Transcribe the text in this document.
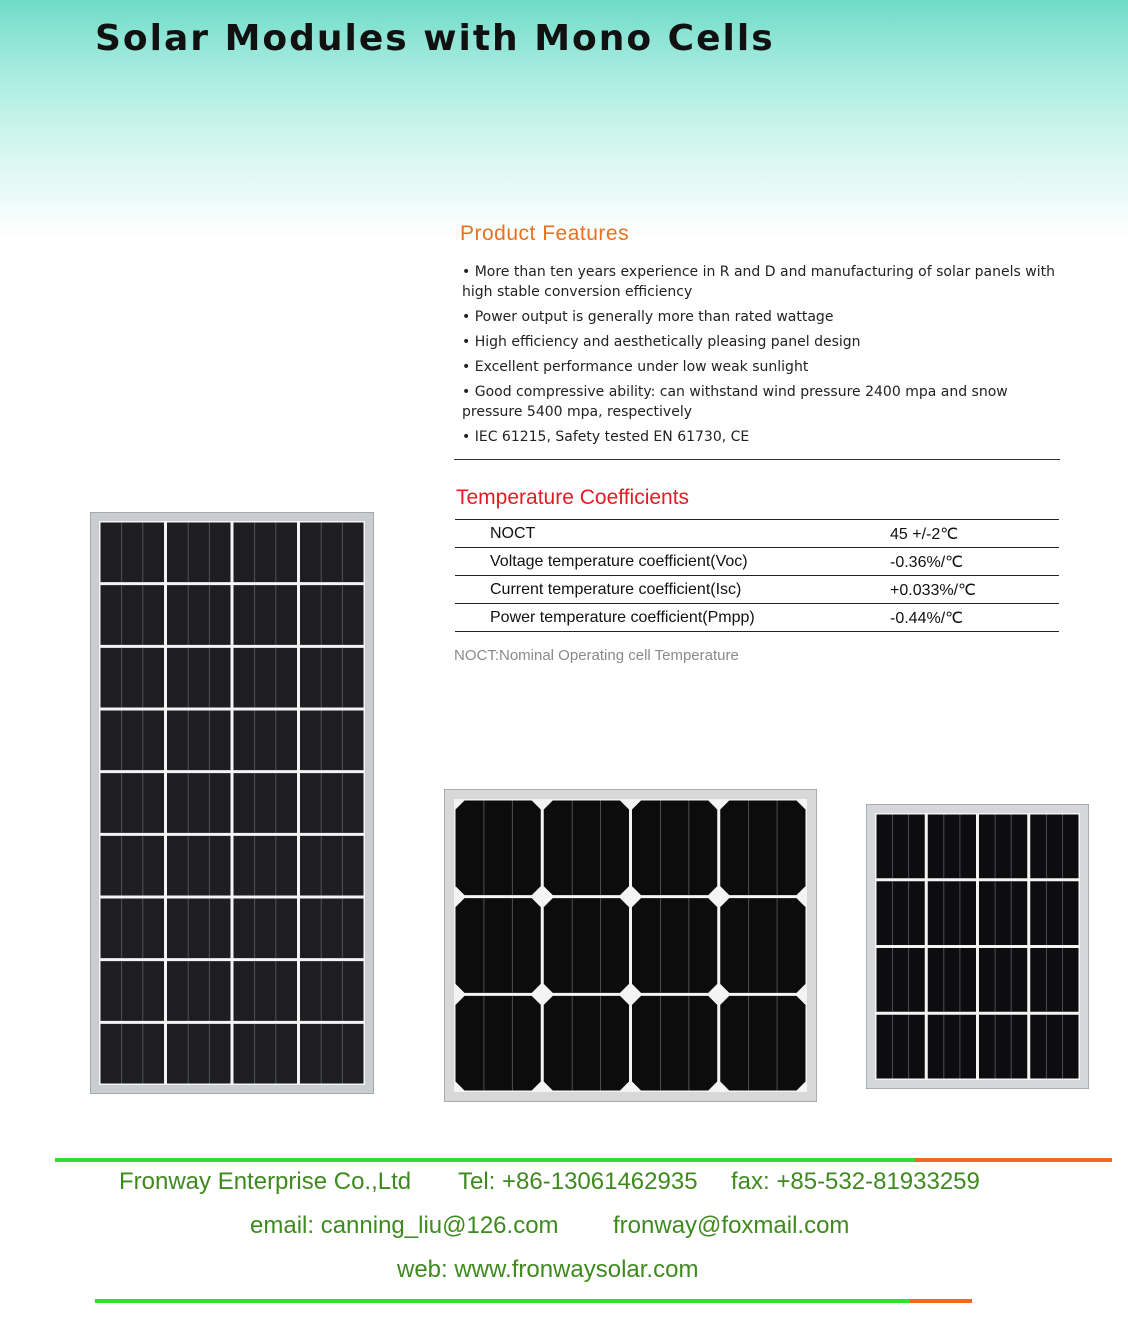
Solar Modules with Mono Cells
Product Features
• More than ten years experience in R and D and manufacturing of solar panels with high stable conversion efficiency
• Power output is generally more than rated wattage
• High efficiency and aesthetically pleasing panel design
• Excellent performance under low weak sunlight
• Good compressive ability: can withstand wind pressure 2400 mpa and snow pressure 5400 mpa, respectively
• IEC 61215, Safety tested EN 61730, CE
Temperature Coefficients
NOCT	45 +/-2℃
Voltage temperature coefficient(Voc)	-0.36%/℃
Current temperature coefficient(Isc)	+0.033%/℃
Power temperature coefficient(Pmpp)	-0.44%/℃

NOCT:Nominal Operating cell Temperature

Fronway Enterprise Co.,Ltd Tel: +86-13061462935 fax: +85-532-81933259

email: canning_liu@126.com fronway@foxmail.com

web: www.fronwaysolar.com
